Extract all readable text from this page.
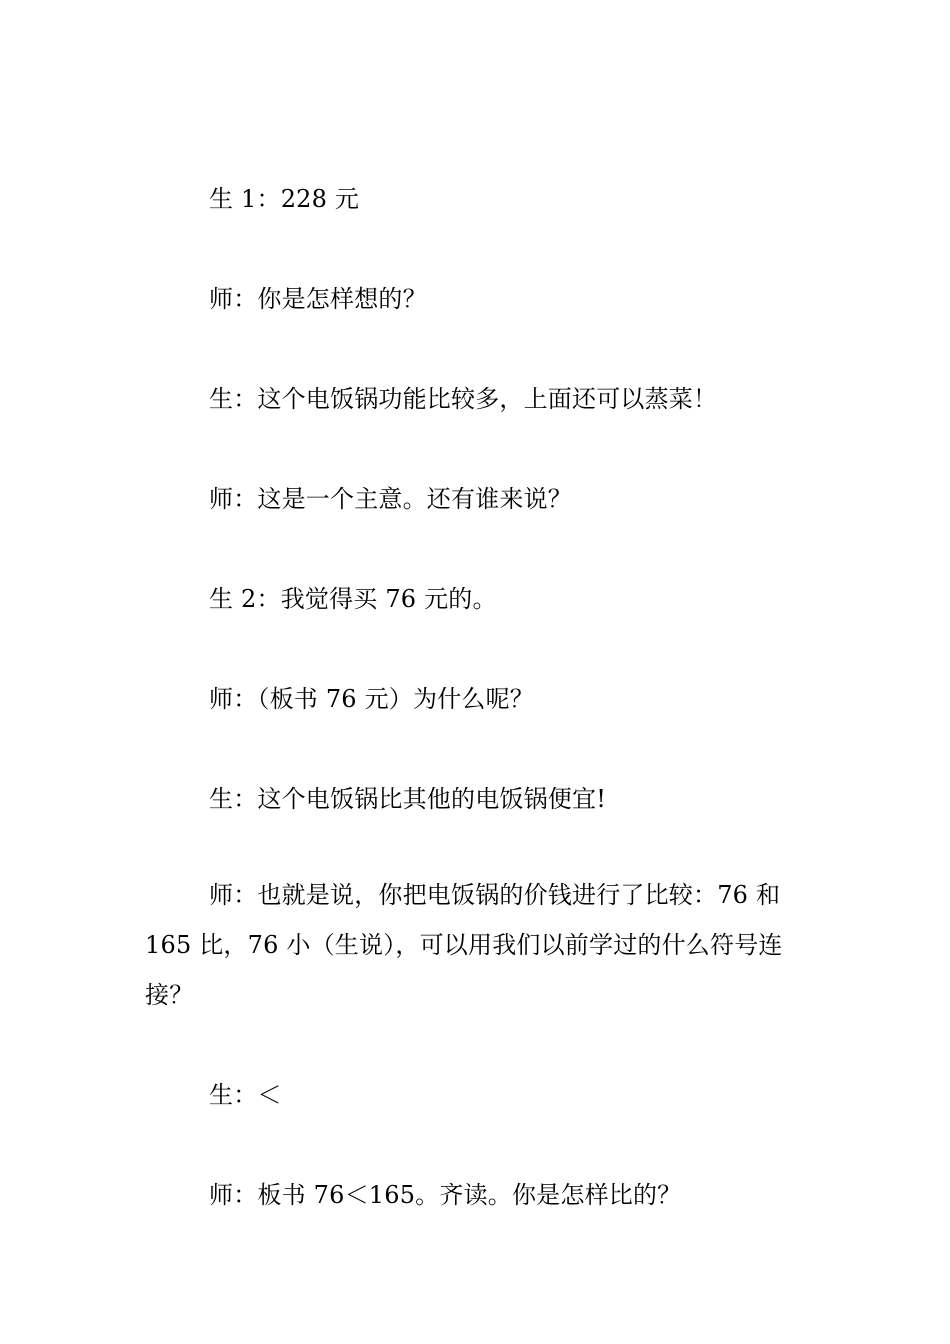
生 1：228 元

师：你是怎样想的？

生：这个电饭锅功能比较多，上面还可以蒸菜！

师：这是一个主意。还有谁来说？

生 2：我觉得买 76 元的。

师：（板书 76 元）为什么呢？

生：这个电饭锅比其他的电饭锅便宜!

师：也就是说，你把电饭锅的价钱进行了比较：76 和 165 比，76 小（生说），可以用我们以前学过的什么符号连接？

生：＜

师：板书 76＜165。齐读。你是怎样比的？
